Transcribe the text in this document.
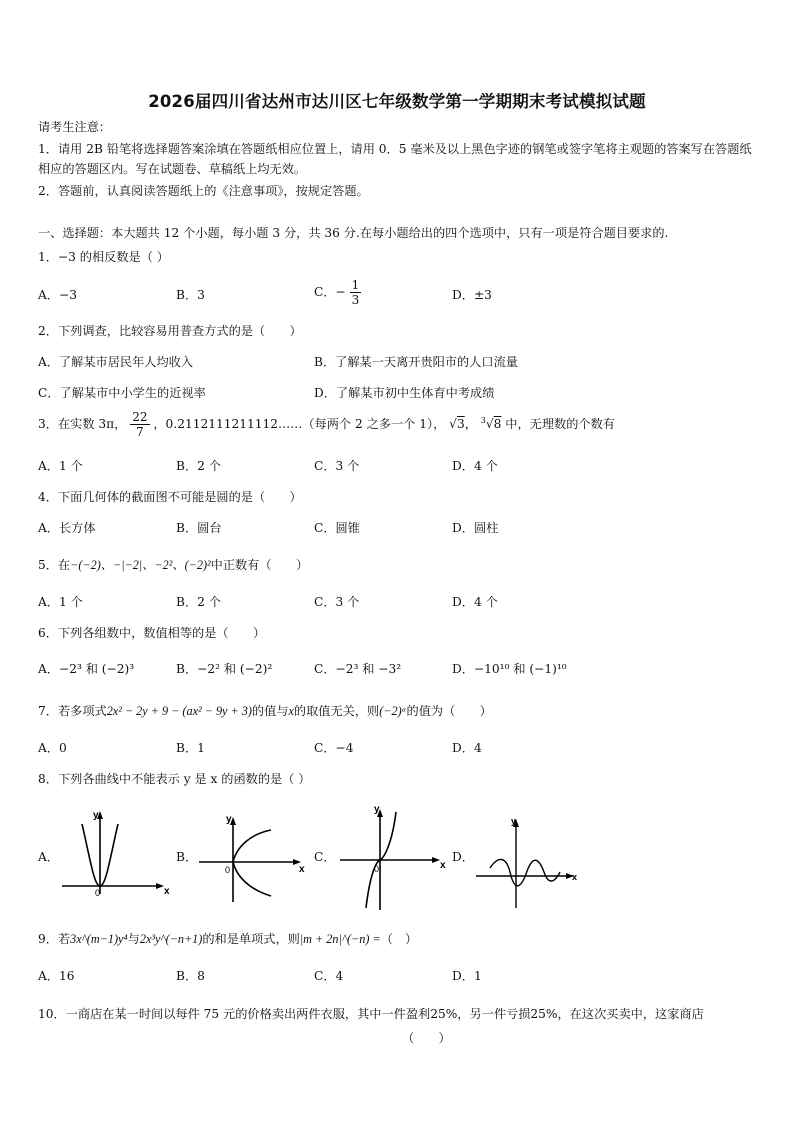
2026届四川省达州市达川区七年级数学第一学期期末考试模拟试题
请考生注意：
1．请用 2B 铅笔将选择题答案涂填在答题纸相应位置上，请用 0．5 毫米及以上黑色字迹的钢笔或签字笔将主观题的答案写在答题纸相应的答题区内。写在试题卷、草稿纸上均无效。
2．答题前，认真阅读答题纸上的《注意事项》，按规定答题。
一、选择题：本大题共 12 个小题，每小题 3 分，共 36 分.在每小题给出的四个选项中，只有一项是符合题目要求的.
1．−3 的相反数是（ ）
A．−3	B．3	C．− $\frac{1}{3}$	D．±3
2．下列调查，比较容易用普查方式的是（　　）
A．了解某市居民年人均收入	B．了解某一天离开贵阳市的人口流量
C．了解某市中小学生的近视率	D．了解某市初中生体育中考成绩
3．在实数 3π， $\frac{22}{7}$ ，0.2112111211112……（每两个 2 之多一个 1）， √3， $^3$√8 中，无理数的个数有
A．1 个	B．2 个	C．3 个	D．4 个
4．下面几何体的截面图不可能是圆的是（　　）
A．长方体	B．圆台	C．圆锥	D．圆柱
5．在−(−2)、−|−2|、−2²、(−2)²中正数有（　　）
A．1 个	B．2 个	C．3 个	D．4 个
6．下列各组数中，数值相等的是（　　）
A．−2³ 和 (−2)³	B．−2² 和 (−2)²	C．−2³ 和 −3²	D．−10¹⁰ 和 (−1)¹⁰
7．若多项式2x² − 2y + 9 − (ax² − 9y + 3)的值与x的取值无关，则(−2)ᵃ的值为（　　）
A．0	B．1	C．−4	D．4
8．下列各曲线中不能表示 y 是 x 的函数的是（ ）
A．	B．	C．	D．
x
y
0
x
y
0	x
y
0
x
y
9．若3x^(m−1)y⁴与2x³y^(−n+1)的和是单项式，则|m + 2n|^(−n) =（　）
A．16	B．8	C．4	D．1
10．一商店在某一时间以每件 75 元的价格卖出两件衣服，其中一件盈利25%，另一件亏损25%，在这次买卖中，这家商店
（　　）
